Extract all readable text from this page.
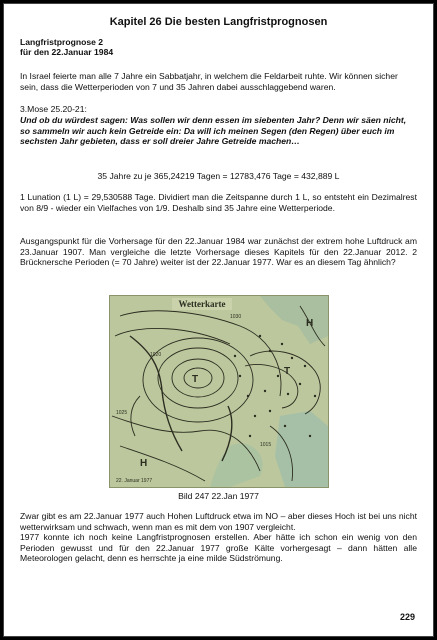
Kapitel 26 Die besten Langfristprognosen

Langfristprognose 2

für den 22.Januar 1984

In Israel feierte man alle 7 Jahre ein Sabbatjahr, in welchem die Feldarbeit ruhte. Wir können sicher sein, dass die Wetterperioden von 7 und 35 Jahren dabei ausschlaggebend waren.

3.Mose 25.20-21:

Und ob du würdest sagen: Was sollen wir denn essen im siebenten Jahr? Denn wir säen nicht, so sammeln wir auch kein Getreide ein: Da will ich meinen Segen (den Regen) über euch im sechsten Jahr gebieten, dass er soll dreier Jahre Getreide machen…

35 Jahre zu je 365,24219 Tagen = 12783,476 Tage = 432,889 L

1 Lunation (1 L) = 29,530588 Tage. Dividiert man die Zeitspanne durch 1 L, so entsteht ein Dezimalrest von 8/9 - wieder ein Vielfaches von 1/9. Deshalb sind 35 Jahre eine Wetterperiode.

Ausgangspunkt für die Vorhersage für den 22.Januar 1984 war zunächst der extrem hohe Luftdruck am 23.Januar 1907. Man vergleiche die letzte Vorhersage dieses Kapitels für den 22.Januar 2012. 2 Brücknersche Perioden (= 70 Jahre) weiter ist der 22.Januar 1977. War es an diesem Tag ähnlich?

Wetterkarte
T
T
H
H
1030
1025
1020
1015
22. Januar 1977
Bild 247 22.Jan 1977

Zwar gibt es am 22.Januar 1977 auch Hohen Luftdruck etwa im NO – aber dieses Hoch ist bei uns nicht wetterwirksam und schwach, wenn man es mit dem von 1907 vergleicht.

1977 konnte ich noch keine Langfristprognosen erstellen. Aber hätte ich schon ein wenig von den Perioden gewusst und für den 22.Januar 1977 große Kälte vorhergesagt – dann hätten alle Meteorologen gelacht, denn es herrschte ja eine milde Südströmung.

229
